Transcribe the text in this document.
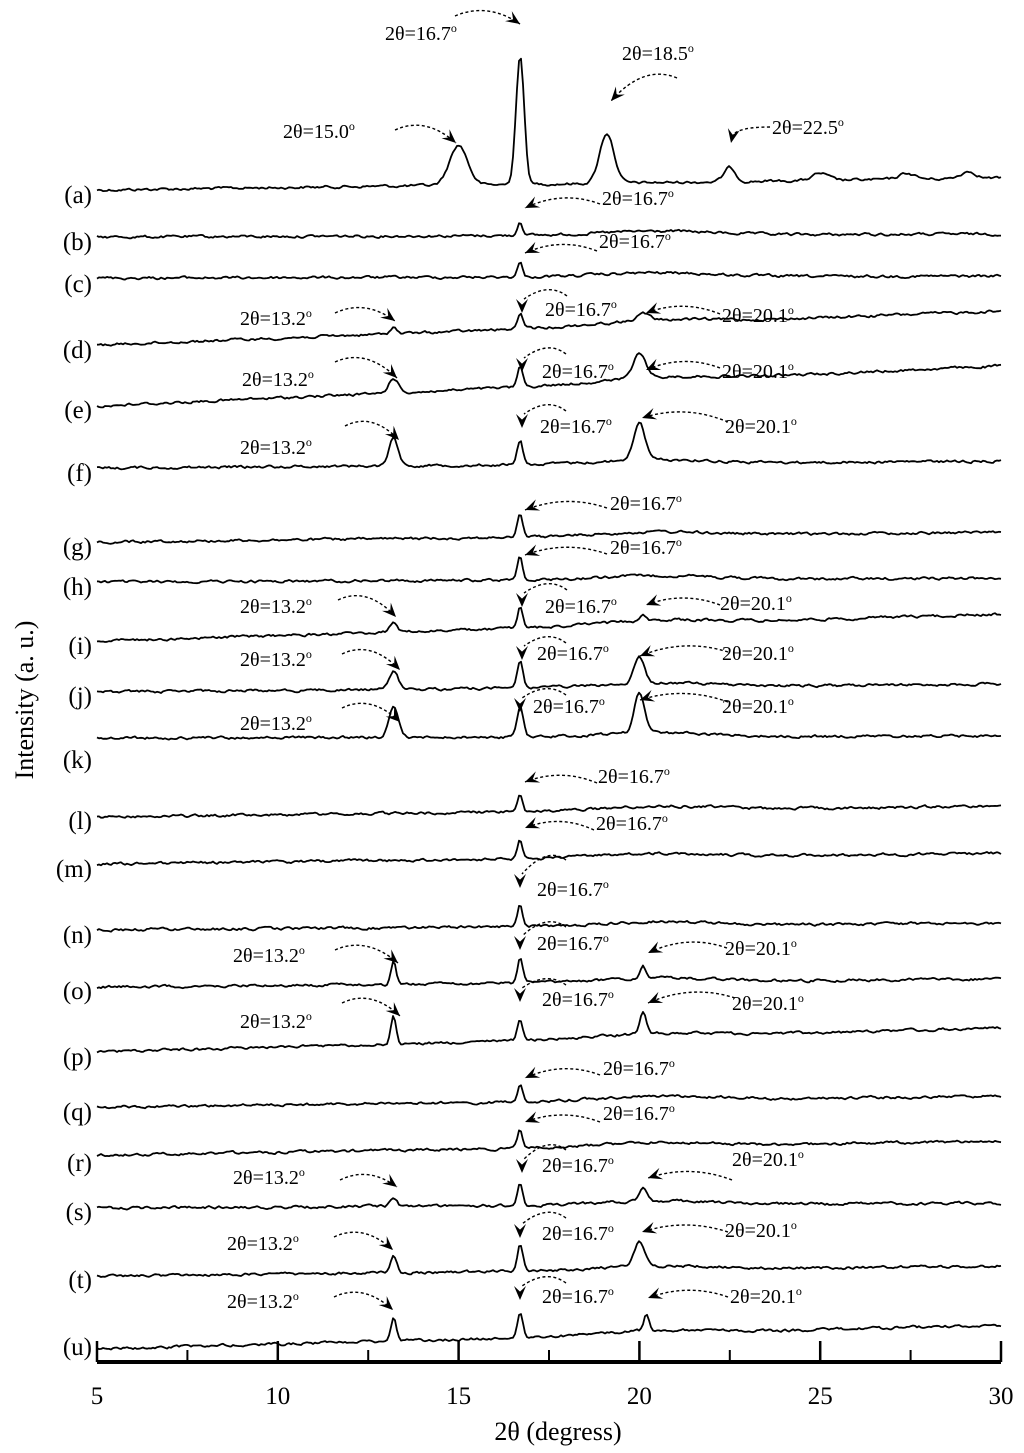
(a)
(b)
(c)
(d)
(e)
(f)
(g)
(h)
(i)
(j)
(k)
(l)
(m)
(n)
(o)
(p)
(q)
(r)
(s)
(t)
(u)
$2\theta=16.7^o$
$2\theta=18.5^o$
$2\theta=15.0^o$	$2\theta=22.5^o$
$2\theta=16.7^o$
$2\theta=16.7^o$
$2\theta=13.2^o$	$2\theta=16.7^o$
$2\theta=20.1^o$
$2\theta=13.2^o$	$2\theta=16.7^o$	$2\theta=20.1^o$
$2\theta=13.2^o$
$2\theta=16.7^o$	$2\theta=20.1^o$
$2\theta=16.7^o$
$2\theta=16.7^o$
$2\theta=13.2^o$	$2\theta=16.7^o$	$2\theta=20.1^o$
$2\theta=13.2^o$	$2\theta=16.7^o$	$2\theta=20.1^o$
$2\theta=13.2^o$	$2\theta=16.7^o$	$2\theta=20.1^o$
$2\theta=16.7^o$
$2\theta=16.7^o$
$2\theta=16.7^o$
$2\theta=13.2^o$	$2\theta=16.7^o$	$2\theta=20.1^o$
$2\theta=13.2^o$
$2\theta=16.7^o$	$2\theta=20.1^o$
$2\theta=16.7^o$
$2\theta=16.7^o$
$2\theta=13.2^o$	$2\theta=16.7^o$	$2\theta=20.1^o$
$2\theta=13.2^o$	$2\theta=16.7^o$	$2\theta=20.1^o$
$2\theta=13.2^o$	$2\theta=16.7^o$	$2\theta=20.1^o$
5	10	15	20	25	30
2θ (degress)
Intensity (a. u.)
